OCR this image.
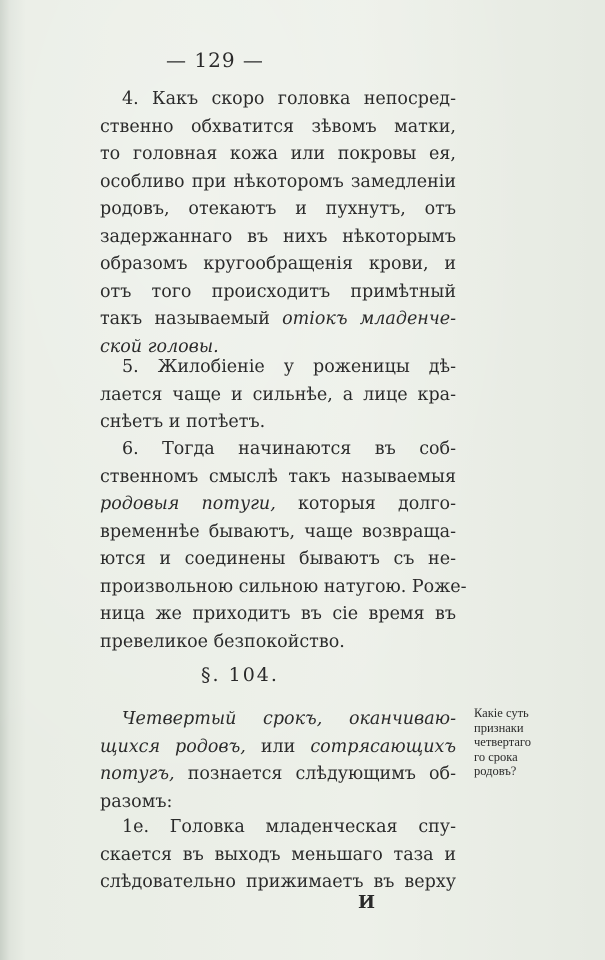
— 129 —
4. Какъ скоро головка непосред-
ственно обхватится зѣвомъ матки,
то головная кожа или покровы ея,
особливо при нѣкоторомъ замедленіи
родовъ, отекаютъ и пухнутъ, отъ
задержаннаго въ нихъ нѣкоторымъ
образомъ кругообращенія крови, и
отъ того происходитъ примѣтный
такъ называемый отiокъ младенче-
ской головы.
5. Жилобіеніе у роженицы дѣ-
лается чаще и сильнѣе, а лице кра-
снѣетъ и потѣетъ.
6. Тогда начинаются въ соб-
ственномъ смыслѣ такъ называемыя
родовыя потуги, которыя долго-
временнѣе бываютъ, чаще возвраща-
ются и соединены бываютъ съ не-
произвольною сильною натугою. Роже-
ница же приходитъ въ сіе время въ
превеликое безпокойство.
§. 104.
Четвертый срокъ, оканчиваю-
щихся родовъ, или сотрясающихъ
потугъ, познается слѣдующимъ об-
разомъ:
1е. Головка младенческая спу-
скается въ выходъ меньшаго таза и
слѣдовательно прижимаетъ въ верху
Какiе суть
признаки
четвертаго
го срока
родовъ?
И
